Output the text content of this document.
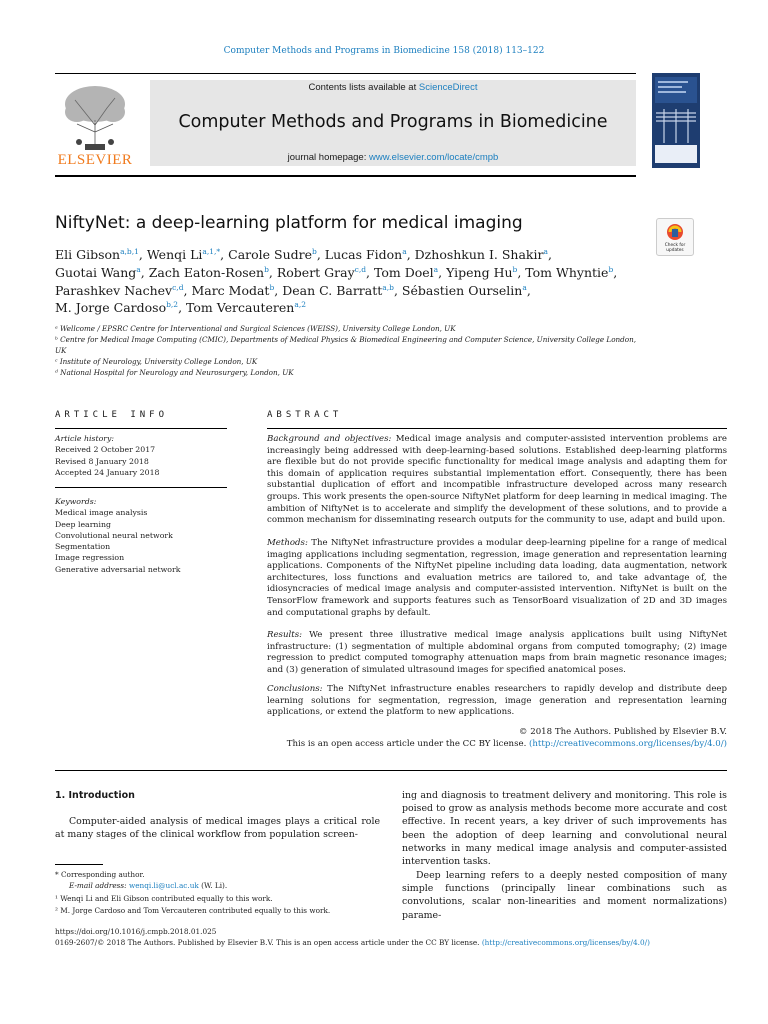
Computer Methods and Programs in Biomedicine 158 (2018) 113–122
ELSEVIER
Contents lists available at ScienceDirect
Computer Methods and Programs in Biomedicine
journal homepage: www.elsevier.com/locate/cmpb
NiftyNet: a deep-learning platform for medical imaging
Check for updates
Eli Gibson$^{a,b,1}$, Wenqi $Li^{a,1,*}$, Carole Sudre$^b$, Lucas Fidon$^a$, Dzhoshkun I. Shakir$^a$,
Guotai Wang$^a$, Zach Eaton-Rosen$^b$, Robert Gray$^{c,d}$, Tom Doel$^a$, Yipeng Hu$^b$, Tom Whyntie$^b$,
Parashkev Nachev$^{c,d}$, Marc Modat$^b$, Dean C. Barratt$^{a,b}$, Sébastien Ourselin$^a$,
M. Jorge Cardoso$^{b,2}$, Tom Vercauteren$^{a,2}$
ᵃ Wellcome / EPSRC Centre for Interventional and Surgical Sciences (WEISS), University College London, UK
ᵇ Centre for Medical Image Computing (CMIC), Departments of Medical Physics & Biomedical Engineering and Computer Science, University College London, UK
ᶜ Institute of Neurology, University College London, UK
ᵈ National Hospital for Neurology and Neurosurgery, London, UK
ARTICLE INFO	ABSTRACT
Article history:
Received 2 October 2017
Revised 8 January 2018
Accepted 24 January 2018
Keywords:
Medical image analysis
Deep learning
Convolutional neural network
Segmentation
Image regression
Generative adversarial network
Background and objectives: Medical image analysis and computer-assisted intervention problems are increasingly being addressed with deep-learning-based solutions. Established deep-learning platforms are flexible but do not provide specific functionality for medical image analysis and adapting them for this domain of application requires substantial implementation effort. Consequently, there has been substantial duplication of effort and incompatible infrastructure developed across many research groups. This work presents the open-source NiftyNet platform for deep learning in medical imaging. The ambition of NiftyNet is to accelerate and simplify the development of these solutions, and to provide a common mechanism for disseminating research outputs for the community to use, adapt and build upon.
Methods: The NiftyNet infrastructure provides a modular deep-learning pipeline for a range of medical imaging applications including segmentation, regression, image generation and representation learning applications. Components of the NiftyNet pipeline including data loading, data augmentation, network architectures, loss functions and evaluation metrics are tailored to, and take advantage of, the idiosyncracies of medical image analysis and computer-assisted intervention. NiftyNet is built on the TensorFlow framework and supports features such as TensorBoard visualization of 2D and 3D images and computational graphs by default.
Results: We present three illustrative medical image analysis applications built using NiftyNet infrastructure: (1) segmentation of multiple abdominal organs from computed tomography; (2) image regression to predict computed tomography attenuation maps from brain magnetic resonance images; and (3) generation of simulated ultrasound images for specified anatomical poses.
Conclusions: The NiftyNet infrastructure enables researchers to rapidly develop and distribute deep learning solutions for segmentation, regression, image generation and representation learning applications, or extend the platform to new applications.
© 2018 The Authors. Published by Elsevier B.V.
This is an open access article under the CC BY license. (http://creativecommons.org/licenses/by/4.0/)
1. Introduction
Computer-aided analysis of medical images plays a critical role at many stages of the clinical workflow from population screen-
ing and diagnosis to treatment delivery and monitoring. This role is poised to grow as analysis methods become more accurate and cost effective. In recent years, a key driver of such improvements has been the adoption of deep learning and convolutional neural networks in many medical image analysis and computer-assisted intervention tasks.
Deep learning refers to a deeply nested composition of many simple functions (principally linear combinations such as convolutions, scalar non-linearities and moment normalizations) parame-
* Corresponding author.
E-mail address: wenqi.li@ucl.ac.uk (W. Li).
¹ Wenqi Li and Eli Gibson contributed equally to this work.
² M. Jorge Cardoso and Tom Vercauteren contributed equally to this work.
https://doi.org/10.1016/j.cmpb.2018.01.025
0169-2607/© 2018 The Authors. Published by Elsevier B.V. This is an open access article under the CC BY license. (http://creativecommons.org/licenses/by/4.0/)
